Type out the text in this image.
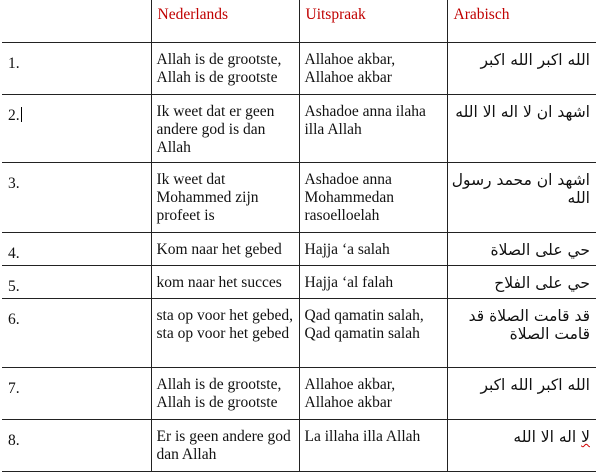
	Nederlands	Uitspraak	Arabisch
1.	Allah is de grootste, Allah is de grootste	Allahoe akbar, Allahoe akbar	الله اكبر الله اكبر
2.	Ik weet dat er geen andere god is dan Allah	Ashadoe anna ilaha illa Allah	اشهد ان لا اله الا الله
3.	Ik weet dat Mohammed zijn profeet is	Ashadoe anna Mohammedan rasoelloelah	اشهد ان محمد رسول الله
4.	Kom naar het gebed	Hajja ‘a salah	حي على الصلاة
5.	kom naar het succes	Hajja ‘al falah	حي على الفلاح
6.	sta op voor het gebed, sta op voor het gebed	Qad qamatin salah, Qad qamatin salah	قد قامت الصلاة قد قامت الصلاة
7.	Allah is de grootste, Allah is de grootste	Allahoe akbar, Allahoe akbar	الله اكبر الله اكبر
8.	Er is geen andere god dan Allah	La illaha illa Allah	لا اله الا الله
